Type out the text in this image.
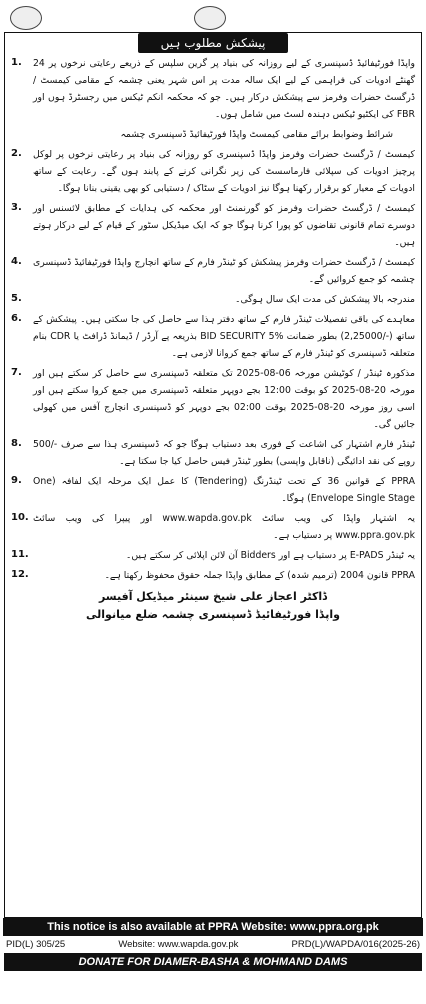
پیشکش مطلوب ہیں
1.	واپڈا فورٹیفائیڈ ڈسپنسری کے لیے روزانہ کی بنیاد پر گرین سلپس کے ذریعے رعایتی نرخوں پر 24 گھنٹے ادویات کی فراہمی کے لیے ایک سالہ مدت پر اس شہر یعنی چشمہ کے مقامی کیمسٹ / ڈرگسٹ حضرات وفرمز سے پیشکش درکار ہیں۔ جو کہ محکمہ انکم ٹیکس میں رجسٹرڈ ہوں اور FBR کی ایکٹیو ٹیکس دہندہ لسٹ میں شامل ہوں۔
شرائط وضوابط برائے مقامی کیمسٹ واپڈا فورٹیفائیڈ ڈسپنسری چشمہ
2.	کیمسٹ / ڈرگسٹ حضرات وفرمز واپڈا ڈسپنسری کو روزانہ کی بنیاد پر رعایتی نرخوں پر لوکل پرچیز ادویات کی سپلائی فارماسسٹ کی زیر نگرانی کرنے کے پابند ہوں گے۔ رعایت کے ساتھ ادویات کے معیار کو برقرار رکھنا ہوگا نیز ادویات کے سٹاک / دستیابی کو بھی یقینی بنانا ہوگا۔
3.	کیمسٹ / ڈرگسٹ حضرات وفرمز کو گورنمنٹ اور محکمہ کی ہدایات کے مطابق لائسنس اور دوسرے تمام قانونی تقاضوں کو پورا کرنا ہوگا جو کہ ایک میڈیکل سٹور کے قیام کے لیے درکار ہوتے ہیں۔
4.	کیمسٹ / ڈرگسٹ حضرات وفرمز پیشکش کو ٹینڈر فارم کے ساتھ انچارج واپڈا فورٹیفائیڈ ڈسپنسری چشمہ کو جمع کروائیں گے۔
5.	مندرجہ بالا پیشکش کی مدت ایک سال ہوگی۔
6.	معاہدے کی باقی تفصیلات ٹینڈر فارم کے ساتھ دفتر ہذا سے حاصل کی جا سکتی ہیں۔ پیشکش کے ساتھ (-/2,25000) بطور ضمانت BID SECURITY 5% بذریعہ پے آرڈر / ڈیمانڈ ڈرافٹ یا CDR بنام متعلقہ ڈسپنسری کو ٹینڈر فارم کے ساتھ جمع کروانا لازمی ہے۔
7.	مذکورہ ٹینڈر / کوٹیشن مورخہ 06-08-2025 تک متعلقہ ڈسپنسری سے حاصل کر سکتے ہیں اور مورخہ 20-08-2025 کو بوقت 12:00 بجے دوپہر متعلقہ ڈسپنسری میں جمع کروا سکتے ہیں اور اسی روز مورخہ 20-08-2025 بوقت 02:00 بجے دوپہر کو ڈسپنسری انچارج آفس میں کھولی جائیں گی۔
8.	ٹینڈر فارم اشتہار کی اشاعت کے فوری بعد دستیاب ہوگا جو کہ ڈسپنسری ہذا سے صرف -/500 روپے کی نقد ادائیگی (ناقابل واپسی) بطور ٹینڈر فیس حاصل کیا جا سکتا ہے۔
9.	PPRA کے قوانین 36 کے تحت ٹینڈرنگ (Tendering) کا عمل ایک مرحلہ ایک لفافہ (One Envelope Single Stage) ہوگا۔
10. یہ اشتہار واپڈا کی ویب سائٹ www.wapda.gov.pk اور پیپرا کی ویب سائٹ www.ppra.gov.pk پر دستیاب ہے۔
11.	یہ ٹینڈر E-PADS پر دستیاب ہے اور Bidders آن لائن اپلائی کر سکتے ہیں۔
12.	PPRA قانون 2004 (ترمیم شدہ) کے مطابق واپڈا جملہ حقوق محفوظ رکھتا ہے۔
ڈاکٹر اعجاز علی شیخ سینئر میڈیکل آفیسر
واپڈا فورٹیفائیڈ ڈسپنسری چشمہ ضلع میانوالی
This notice is also available at PPRA Website: www.ppra.org.pk
PID(L) 305/25	Website: www.wapda.gov.pk	PRD(L)/WAPDA/016(2025-26)
DONATE FOR DIAMER-BASHA & MOHMAND DAMS
